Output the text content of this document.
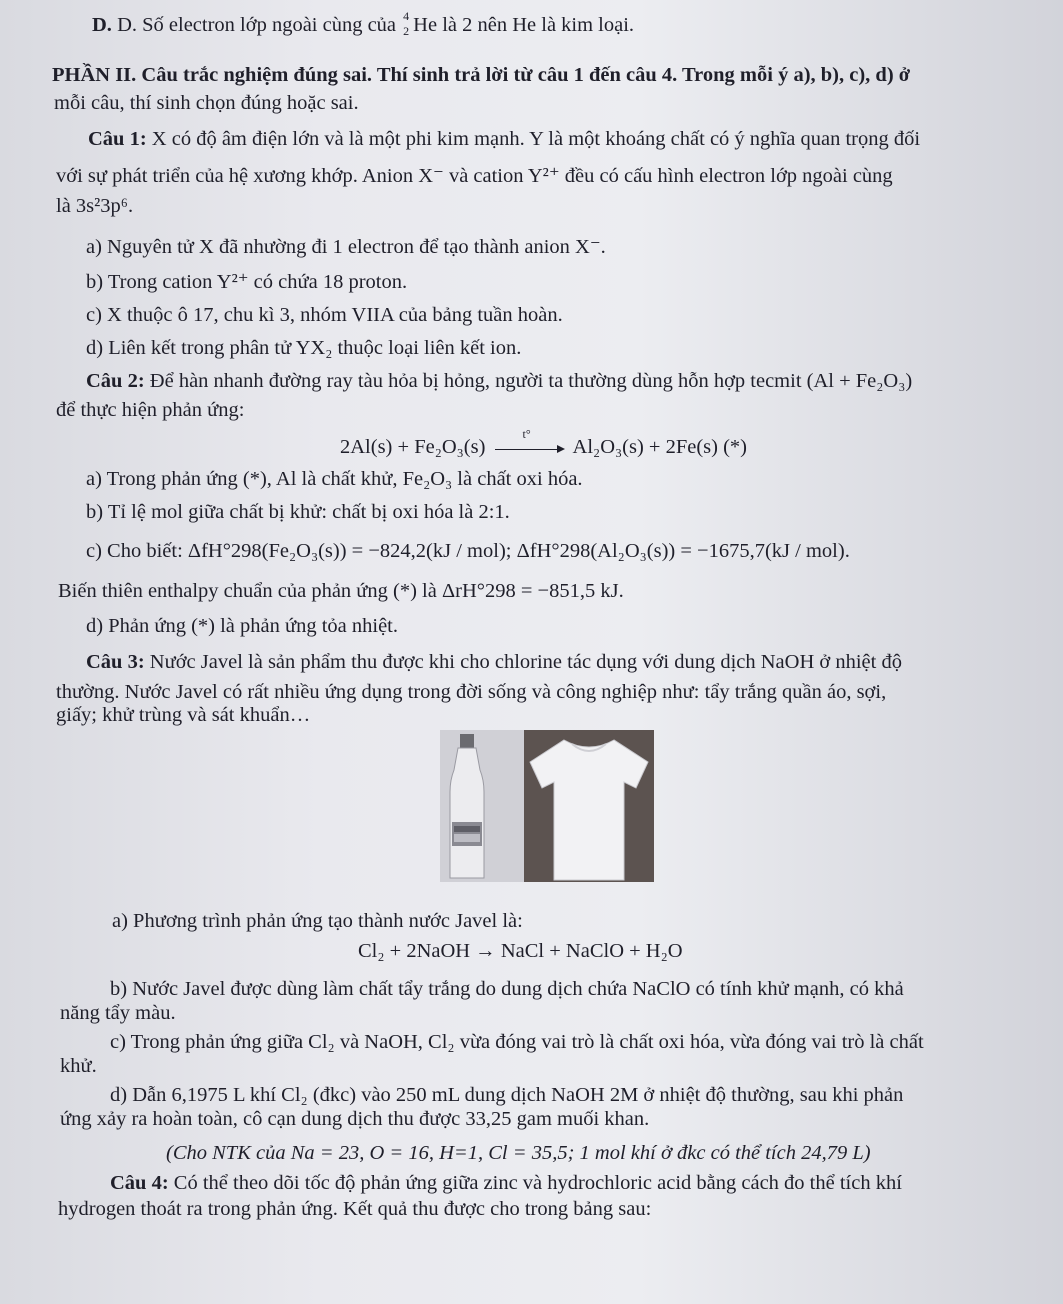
D. D. Số electron lớp ngoài cùng của 4
2 He là 2 nên He là kim loại.
PHẦN II. Câu trắc nghiệm đúng sai. Thí sinh trả lời từ câu 1 đến câu 4. Trong mỗi ý a), b), c), d) ở
mỗi câu, thí sinh chọn đúng hoặc sai.
Câu 1: X có độ âm điện lớn và là một phi kim mạnh. Y là một khoáng chất có ý nghĩa quan trọng đối
với sự phát triển của hệ xương khớp. Anion X⁻ và cation Y²⁺ đều có cấu hình electron lớp ngoài cùng
là 3s²3p⁶.
a) Nguyên tử X đã nhường đi 1 electron để tạo thành anion X⁻.
b) Trong cation Y²⁺ có chứa 18 proton.
c) X thuộc ô 17, chu kì 3, nhóm VIIA của bảng tuần hoàn.
d) Liên kết trong phân tử YX₂ thuộc loại liên kết ion.
Câu 2: Để hàn nhanh đường ray tàu hỏa bị hỏng, người ta thường dùng hỗn hợp tecmit (Al + Fe₂O₃)
để thực hiện phản ứng:
2Al(s) + Fe₂O₃(s)
t°
Al₂O₃(s) + 2Fe(s) (*)
a) Trong phản ứng (*), Al là chất khử, Fe₂O₃ là chất oxi hóa.
b) Tỉ lệ mol giữa chất bị khử: chất bị oxi hóa là 2:1.
c) Cho biết: ΔfH°298(Fe₂O₃(s)) = −824,2(kJ / mol); ΔfH°298(Al₂O₃(s)) = −1675,7(kJ / mol).
Biến thiên enthalpy chuẩn của phản ứng (*) là ΔrH°298 = −851,5 kJ.
d) Phản ứng (*) là phản ứng tỏa nhiệt.
Câu 3: Nước Javel là sản phẩm thu được khi cho chlorine tác dụng với dung dịch NaOH ở nhiệt độ
thường. Nước Javel có rất nhiều ứng dụng trong đời sống và công nghiệp như: tẩy trắng quần áo, sợi,
giấy; khử trùng và sát khuẩn…
a) Phương trình phản ứng tạo thành nước Javel là:
Cl₂ + 2NaOH → NaCl + NaClO + H₂O
b) Nước Javel được dùng làm chất tẩy trắng do dung dịch chứa NaClO có tính khử mạnh, có khả
năng tẩy màu.
c) Trong phản ứng giữa Cl₂ và NaOH, Cl₂ vừa đóng vai trò là chất oxi hóa, vừa đóng vai trò là chất
khử.
d) Dẫn 6,1975 L khí Cl₂ (đkc) vào 250 mL dung dịch NaOH 2M ở nhiệt độ thường, sau khi phản
ứng xảy ra hoàn toàn, cô cạn dung dịch thu được 33,25 gam muối khan.
(Cho NTK của Na = 23, O = 16, H=1, Cl = 35,5; 1 mol khí ở đkc có thể tích 24,79 L)
Câu 4: Có thể theo dõi tốc độ phản ứng giữa zinc và hydrochloric acid bằng cách đo thể tích khí
hydrogen thoát ra trong phản ứng. Kết quả thu được cho trong bảng sau:
